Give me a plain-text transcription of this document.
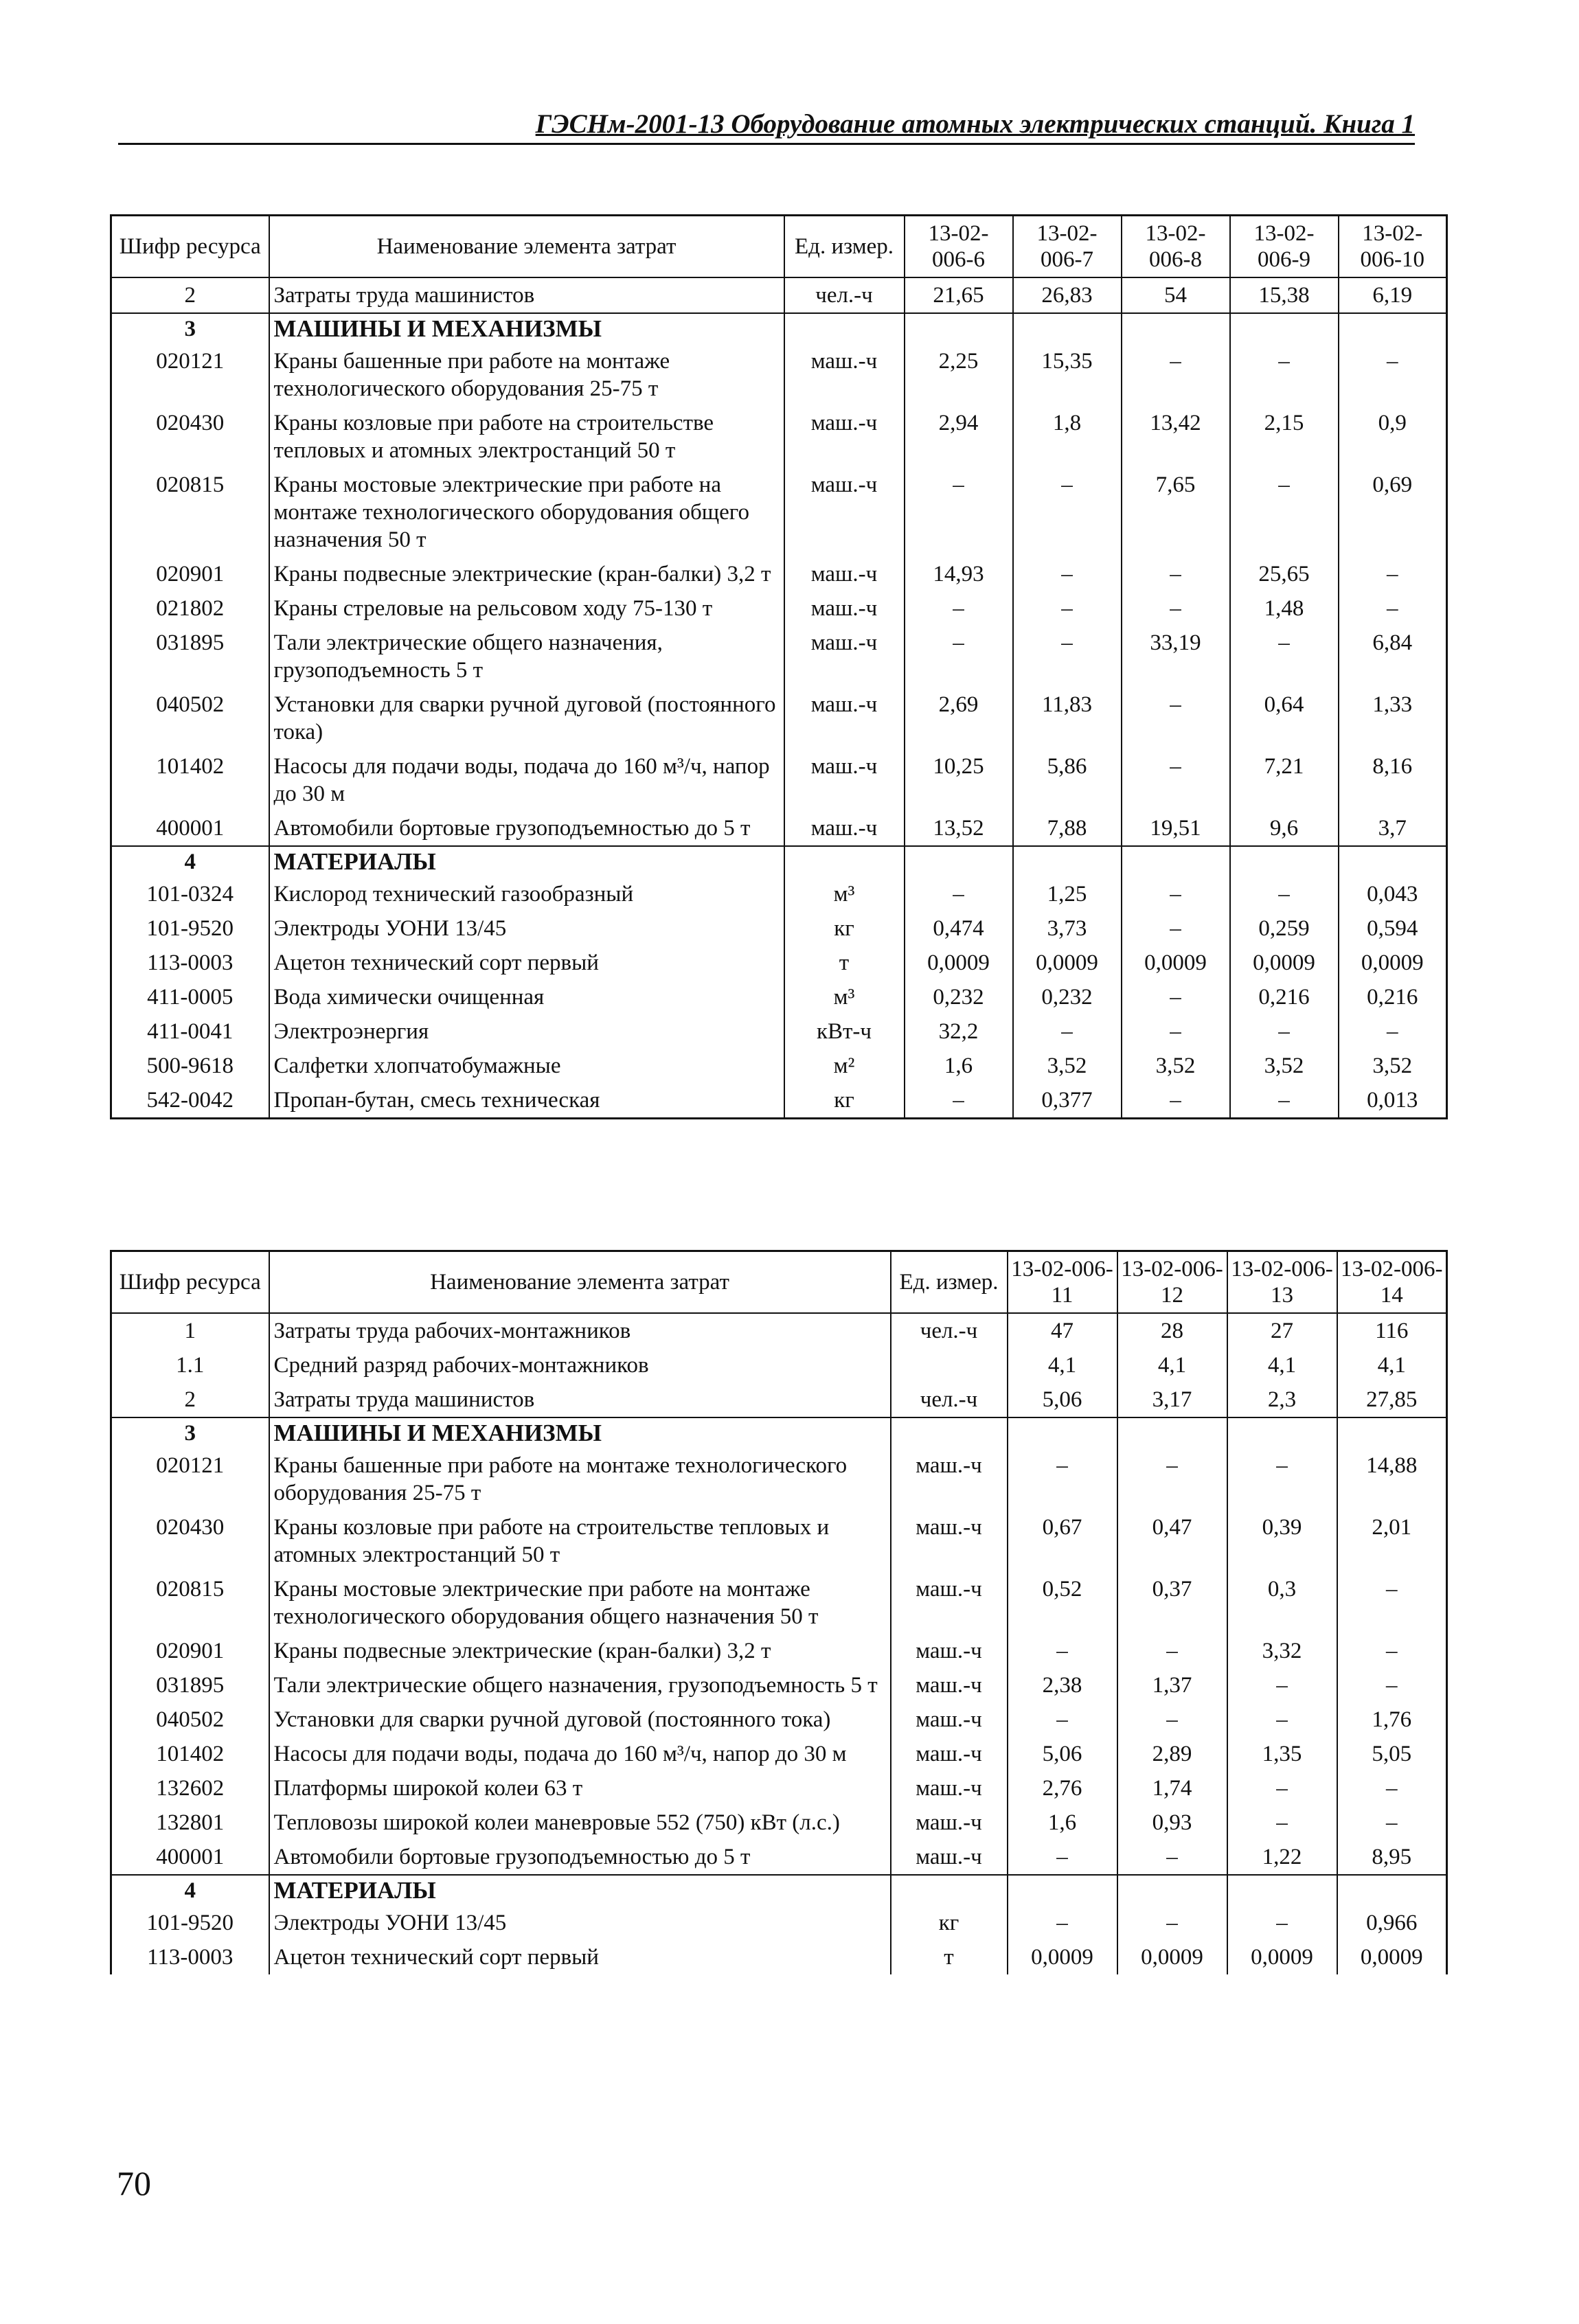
ГЭСНм-2001-13 Оборудование атомных электрических станций. Книга 1
Шифр ресурса	Наименование элемента затрат	Ед. измер.	13-02-006-6	13-02-006-7	13-02-006-8	13-02-006-9	13-02-006-10
2	Затраты труда машинистов	чел.-ч	21,65	26,83	54	15,38	6,19
3	МАШИНЫ И МЕХАНИЗМЫ						
020121	Краны башенные при работе на монтаже технологического оборудования 25-75 т	маш.-ч	2,25	15,35	–	–	–
020430	Краны козловые при работе на строительстве тепловых и атомных электростанций 50 т	маш.-ч	2,94	1,8	13,42	2,15	0,9
020815	Краны мостовые электрические при работе на монтаже технологического оборудования общего назначения 50 т	маш.-ч	–	–	7,65	–	0,69
020901	Краны подвесные электрические (кран-балки) 3,2 т	маш.-ч	14,93	–	–	25,65	–
021802	Краны стреловые на рельсовом ходу 75-130 т	маш.-ч	–	–	–	1,48	–
031895	Тали электрические общего назначения, грузоподъемность 5 т	маш.-ч	–	–	33,19	–	6,84
040502	Установки для сварки ручной дуговой (постоянного тока)	маш.-ч	2,69	11,83	–	0,64	1,33
101402	Насосы для подачи воды, подача до 160 м³/ч, напор до 30 м	маш.-ч	10,25	5,86	–	7,21	8,16
400001	Автомобили бортовые грузоподъемностью до 5 т	маш.-ч	13,52	7,88	19,51	9,6	3,7
4	МАТЕРИАЛЫ						
101-0324	Кислород технический газообразный	м³	–	1,25	–	–	0,043
101-9520	Электроды УОНИ 13/45	кг	0,474	3,73	–	0,259	0,594
113-0003	Ацетон технический сорт первый	т	0,0009	0,0009	0,0009	0,0009	0,0009
411-0005	Вода химически очищенная	м³	0,232	0,232	–	0,216	0,216
411-0041	Электроэнергия	кВт-ч	32,2	–	–	–	–
500-9618	Салфетки хлопчатобумажные	м²	1,6	3,52	3,52	3,52	3,52
542-0042	Пропан-бутан, смесь техническая	кг	–	0,377	–	–	0,013
Шифр ресурса	Наименование элемента затрат	Ед. измер.	13-02-006-11	13-02-006-12	13-02-006-13	13-02-006-14
1	Затраты труда рабочих-монтажников	чел.-ч	47	28	27	116
1.1	Средний разряд рабочих-монтажников		4,1	4,1	4,1	4,1
2	Затраты труда машинистов	чел.-ч	5,06	3,17	2,3	27,85
3	МАШИНЫ И МЕХАНИЗМЫ					
020121	Краны башенные при работе на монтаже технологического оборудования 25-75 т	маш.-ч	–	–	–	14,88
020430	Краны козловые при работе на строительстве тепловых и атомных электростанций 50 т	маш.-ч	0,67	0,47	0,39	2,01
020815	Краны мостовые электрические при работе на монтаже технологического оборудования общего назначения 50 т	маш.-ч	0,52	0,37	0,3	–
020901	Краны подвесные электрические (кран-балки) 3,2 т	маш.-ч	–	–	3,32	–
031895	Тали электрические общего назначения, грузоподъемность 5 т	маш.-ч	2,38	1,37	–	–
040502	Установки для сварки ручной дуговой (постоянного тока)	маш.-ч	–	–	–	1,76
101402	Насосы для подачи воды, подача до 160 м³/ч, напор до 30 м	маш.-ч	5,06	2,89	1,35	5,05
132602	Платформы широкой колеи 63 т	маш.-ч	2,76	1,74	–	–
132801	Тепловозы широкой колеи маневровые 552 (750) кВт (л.с.)	маш.-ч	1,6	0,93	–	–
400001	Автомобили бортовые грузоподъемностью до 5 т	маш.-ч	–	–	1,22	8,95
4	МАТЕРИАЛЫ					
101-9520	Электроды УОНИ 13/45	кг	–	–	–	0,966
113-0003	Ацетон технический сорт первый	т	0,0009	0,0009	0,0009	0,0009
70
